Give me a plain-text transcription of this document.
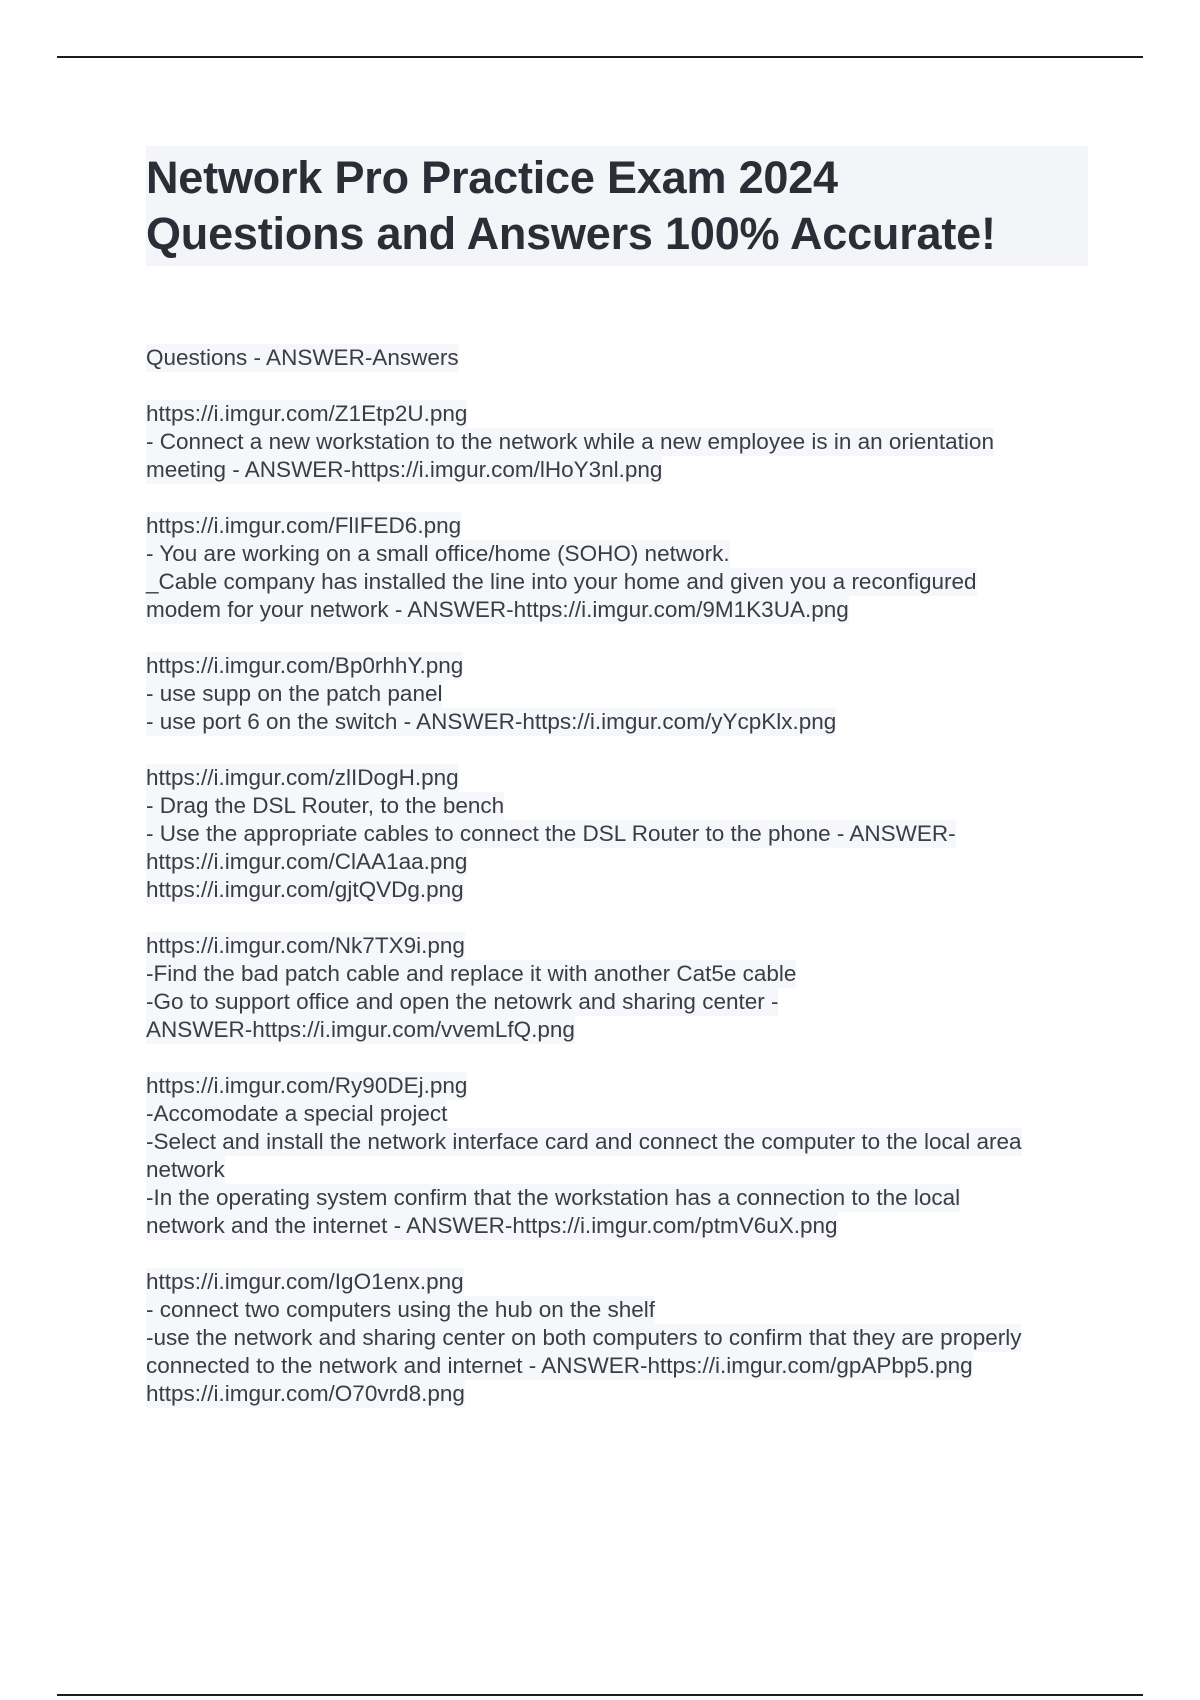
Network Pro Practice Exam 2024
Questions and Answers 100% Accurate!
Questions - ANSWER-Answers
https://i.imgur.com/Z1Etp2U.png
- Connect a new workstation to the network while a new employee is in an orientation
meeting - ANSWER-https://i.imgur.com/lHoY3nl.png
https://i.imgur.com/FlIFED6.png
- You are working on a small office/home (SOHO) network.
_Cable company has installed the line into your home and given you a reconfigured
modem for your network - ANSWER-https://i.imgur.com/9M1K3UA.png
https://i.imgur.com/Bp0rhhY.png
- use supp on the patch panel
- use port 6 on the switch - ANSWER-https://i.imgur.com/yYcpKlx.png
https://i.imgur.com/zlIDogH.png
- Drag the DSL Router, to the bench
- Use the appropriate cables to connect the DSL Router to the phone - ANSWER-
https://i.imgur.com/ClAA1aa.png
https://i.imgur.com/gjtQVDg.png
https://i.imgur.com/Nk7TX9i.png
-Find the bad patch cable and replace it with another Cat5e cable
-Go to support office and open the netowrk and sharing center -
ANSWER-https://i.imgur.com/vvemLfQ.png
https://i.imgur.com/Ry90DEj.png
-Accomodate a special project
-Select and install the network interface card and connect the computer to the local area
network
-In the operating system confirm that the workstation has a connection to the local
network and the internet - ANSWER-https://i.imgur.com/ptmV6uX.png
https://i.imgur.com/IgO1enx.png
- connect two computers using the hub on the shelf
-use the network and sharing center on both computers to confirm that they are properly
connected to the network and internet - ANSWER-https://i.imgur.com/gpAPbp5.png
https://i.imgur.com/O70vrd8.png
